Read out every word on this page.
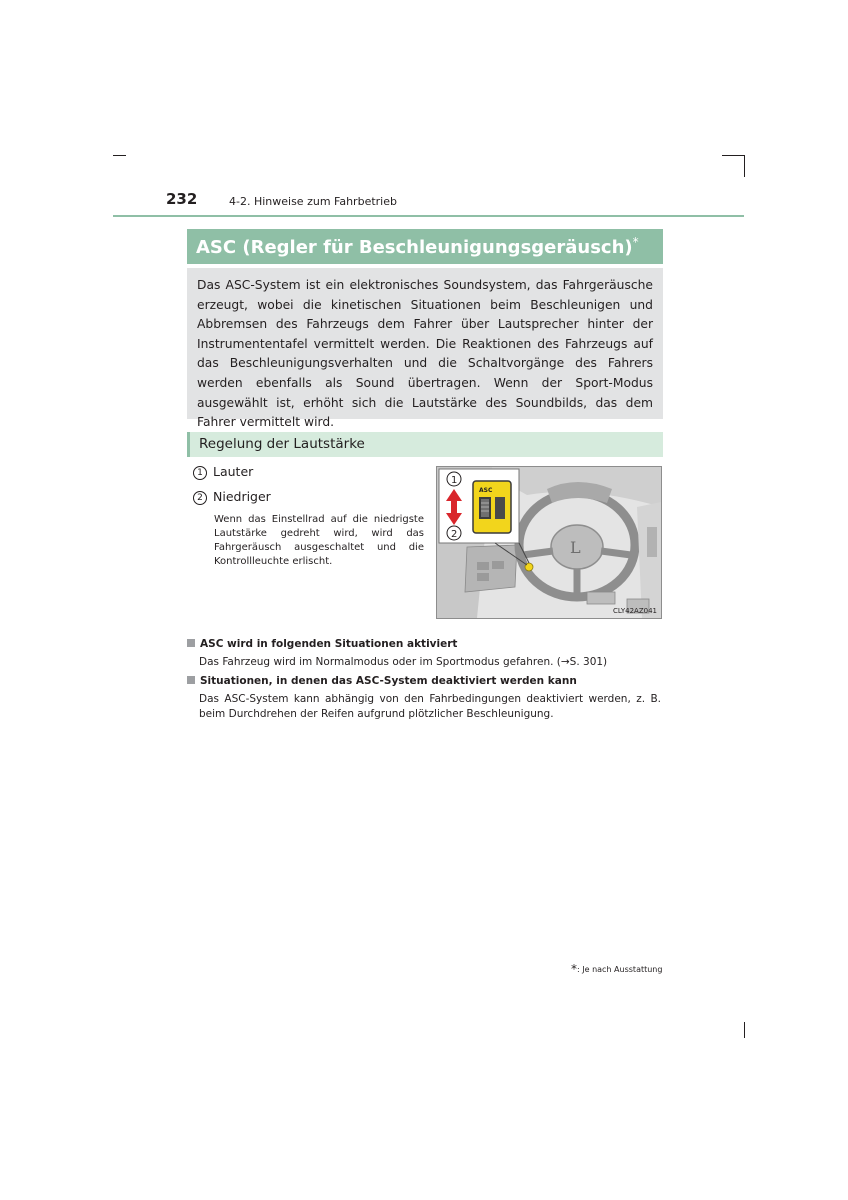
232	4-2. Hinweise zum Fahrbetrieb
ASC (Regler für Beschleunigungsgeräusch)*
Das ASC-System ist ein elektronisches Soundsystem, das Fahrgeräusche erzeugt, wobei die kinetischen Situationen beim Beschleunigen und Abbremsen des Fahrzeugs dem Fahrer über Lautsprecher hinter der Instrumententafel vermittelt werden. Die Reaktionen des Fahrzeugs auf das Beschleunigungsverhalten und die Schaltvorgänge des Fahrers werden ebenfalls als Sound übertragen. Wenn der Sport-Modus ausgewählt ist, erhöht sich die Lautstärke des Soundbilds, das dem Fahrer vermittelt wird.
Regelung der Lautstärke
1 Lauter
2 Niedriger
Wenn das Einstellrad auf die niedrigste Lautstärke gedreht wird, wird das Fahrgeräusch ausgeschaltet und die Kontrollleuchte erlischt.
L
ASC
1
2
CLY42AZ041
ASC wird in folgenden Situationen aktiviert
Das Fahrzeug wird im Normalmodus oder im Sportmodus gefahren. (→S. 301)
Situationen, in denen das ASC-System deaktiviert werden kann
Das ASC-System kann abhängig von den Fahrbedingungen deaktiviert werden, z. B. beim Durchdrehen der Reifen aufgrund plötzlicher Beschleunigung.
*: Je nach Ausstattung
